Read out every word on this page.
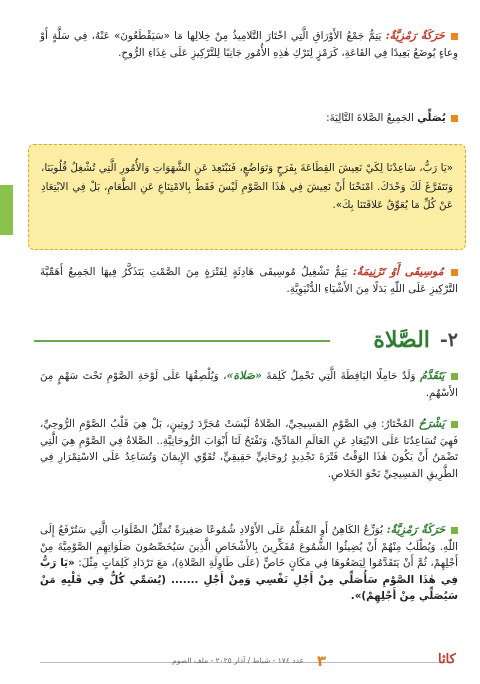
حَرَكَةٌ رَمْزِيَّةٌ: يَتِمُّ جَمْعُ الأَوْرَاقِ الَّتِي اخْتَارَ التَّلامِيذُ مِنْ خِلالِها مَا «سَيَقْطَعُونَ» عَنْهُ، فِي سَلَّةٍ أَوْ وِعاءٍ يُوضَعُ بَعِيدًا فِي القَاعَةِ، كَرَمْزٍ لِتَرْكِ هٰذِهِ الأُمُورِ جَانِبًا لِلتَّرْكِيزِ عَلَى غِذَاءِ الرُّوحِ.

يُصَلِّي الجَمِيعُ الصَّلاةَ التَّالِيَةَ:

«يَا رَبُّ، سَاعِدْنَا لِكَيْ نَعِيشَ القِطَاعَةَ بِفَرَحٍ وَتَوَاضُعٍ، فَنَبْتَعِدَ عَنِ الشَّهَوَاتِ وَالأُمُورِ الَّتِي تُشْغِلُ قُلُوبَنَا، وَنَتَفَرَّغَ لَكَ وَحْدَكَ. امْنَحْنَا أَنْ نَعِيشَ فِي هٰذَا الصَّوْمِ لَيْسَ فَقَطْ بِالامْتِنَاعِ عَنِ الطَّعَامِ، بَلْ فِي الابْتِعَادِ عَنْ كُلِّ مَا يُعَوِّقُ عَلاقَتَنَا بِكَ».

مُوسِيقَى أَوْ تَرْنِيمَةٌ: يَتِمُّ تَشْغِيلُ مُوسِيقَى هَادِئَةٍ لِفَتْرَةٍ مِنَ الصَّمْتِ يَتَذَكَّرُ فِيهَا الجَمِيعُ أَهَمِّيَّةَ التَّرْكِيزِ عَلَى اللّٰهِ بَدَلًا مِنَ الأَشْيَاءِ الدُّنْيَوِيَّةِ.

٢-
الصَّلاة

يَتَقَدَّمُ وَلَدٌ حَامِلًا اليَافِطَةَ الَّتِي تَحْمِلُ كَلِمَةَ «صَلاة»، وَيُلْصِقُهَا عَلَى لَوْحَةِ الصَّوْمِ تَحْتَ سَهْمٍ مِنَ الأَسْهُمِ.

يَشْرَحُ المُخْتَارُ: فِي الصَّوْمِ المَسِيحِيِّ، الصَّلاةُ لَيْسَتْ مُجَرَّدَ رُوتِينٍ، بَلْ هِيَ قَلْبُ الصَّوْمِ الرُّوحِيِّ، فَهِيَ تُسَاعِدُنَا عَلَى الابْتِعَادِ عَنِ العَالَمِ المَادِّيِّ، وَتَفْتَحُ لَنَا أَبْوَابَ الرُّوحَانِيَّةِ.. الصَّلاةُ فِي الصَّوْمِ هِيَ الَّتِي تَضْمَنُ أَنْ يَكُونَ هٰذَا الوَقْتُ فَتْرَةَ تَجْدِيدٍ رُوحَانِيٍّ حَقِيقِيٍّ، تُقَوِّي الإِيمَانَ وَتُسَاعِدُ عَلَى الاسْتِمْرَارِ فِي الطَّرِيقِ المَسِيحِيِّ نَحْوَ الخَلاصِ.

حَرَكَةٌ رَمْزِيَّةٌ: يُوَزِّعُ الكَاهِنُ أَوِ المُعَلِّمُ عَلَى الأَوْلادِ شُمُوعًا صَغِيرَةً تُمَثِّلُ الصَّلَوَاتِ الَّتِي سَتُرْفَعُ إِلَى اللّٰهِ. وَيُطْلَبُ مِنْهُمْ أَنْ يُضِيئُوا الشُّمُوعَ مُفَكِّرِينَ بِالأَشْخَاصِ الَّذِينَ سَيُخَصِّصُونَ صَلَوَاتِهِمِ الصَّوْمِيَّةَ مِنْ أَجْلِهِمْ، ثُمَّ أَنْ يَتَقَدَّمُوا لِيَضَعُوهَا فِي مَكَانٍ خَاصٍّ (عَلَى طَاوِلَةِ الصَّلاةِ)، مَعَ تَرْدَادِ كَلِمَاتٍ مِثْلَ: «يَا رَبُّ فِي هٰذَا الصَّوْمِ سَأُصَلِّي مِنْ أَجْلِ نَفْسِي وَمِنْ أَجْلِ ....... (يُسَمِّي كُلٌّ فِي قَلْبِهِ مَنْ سَيُصَلِّي مِنْ أَجْلِهِمْ)».

٣
عدد ١٧٤ - شباط / آذار ٢٠٢٥ - ملف الصوم	كاثا
